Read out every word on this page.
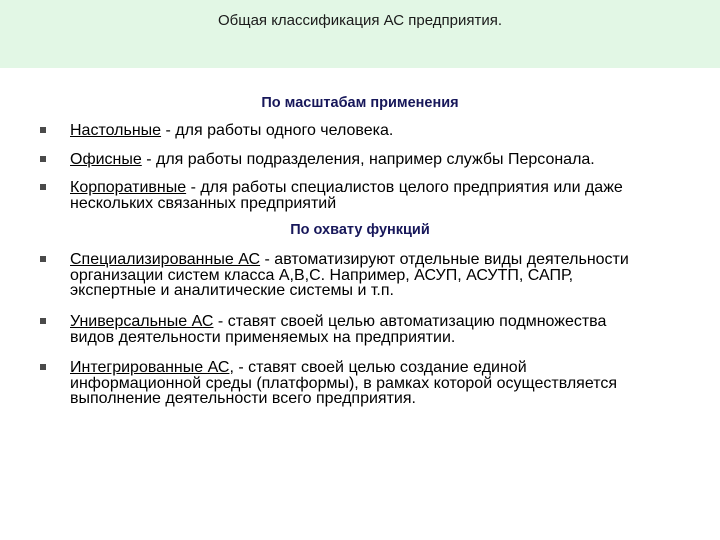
Общая классификация АС предприятия.
По масштабам применения
Настольные - для работы одного человека.
Офисные - для работы подразделения, например службы Персонала.
Корпоративные - для работы специалистов целого предприятия или даже нескольких связанных предприятий
По охвату функций
Специализированные АС - автоматизируют отдельные виды деятельности организации систем класса А,В,С. Например, АСУП, АСУТП, САПР, экспертные и аналитические системы и т.п.
Универсальные АС - ставят своей целью автоматизацию подмножества видов деятельности применяемых на предприятии.
Интегрированные АС, - ставят своей целью создание единой информационной среды (платформы), в рамках которой осуществляется выполнение деятельности всего предприятия.
